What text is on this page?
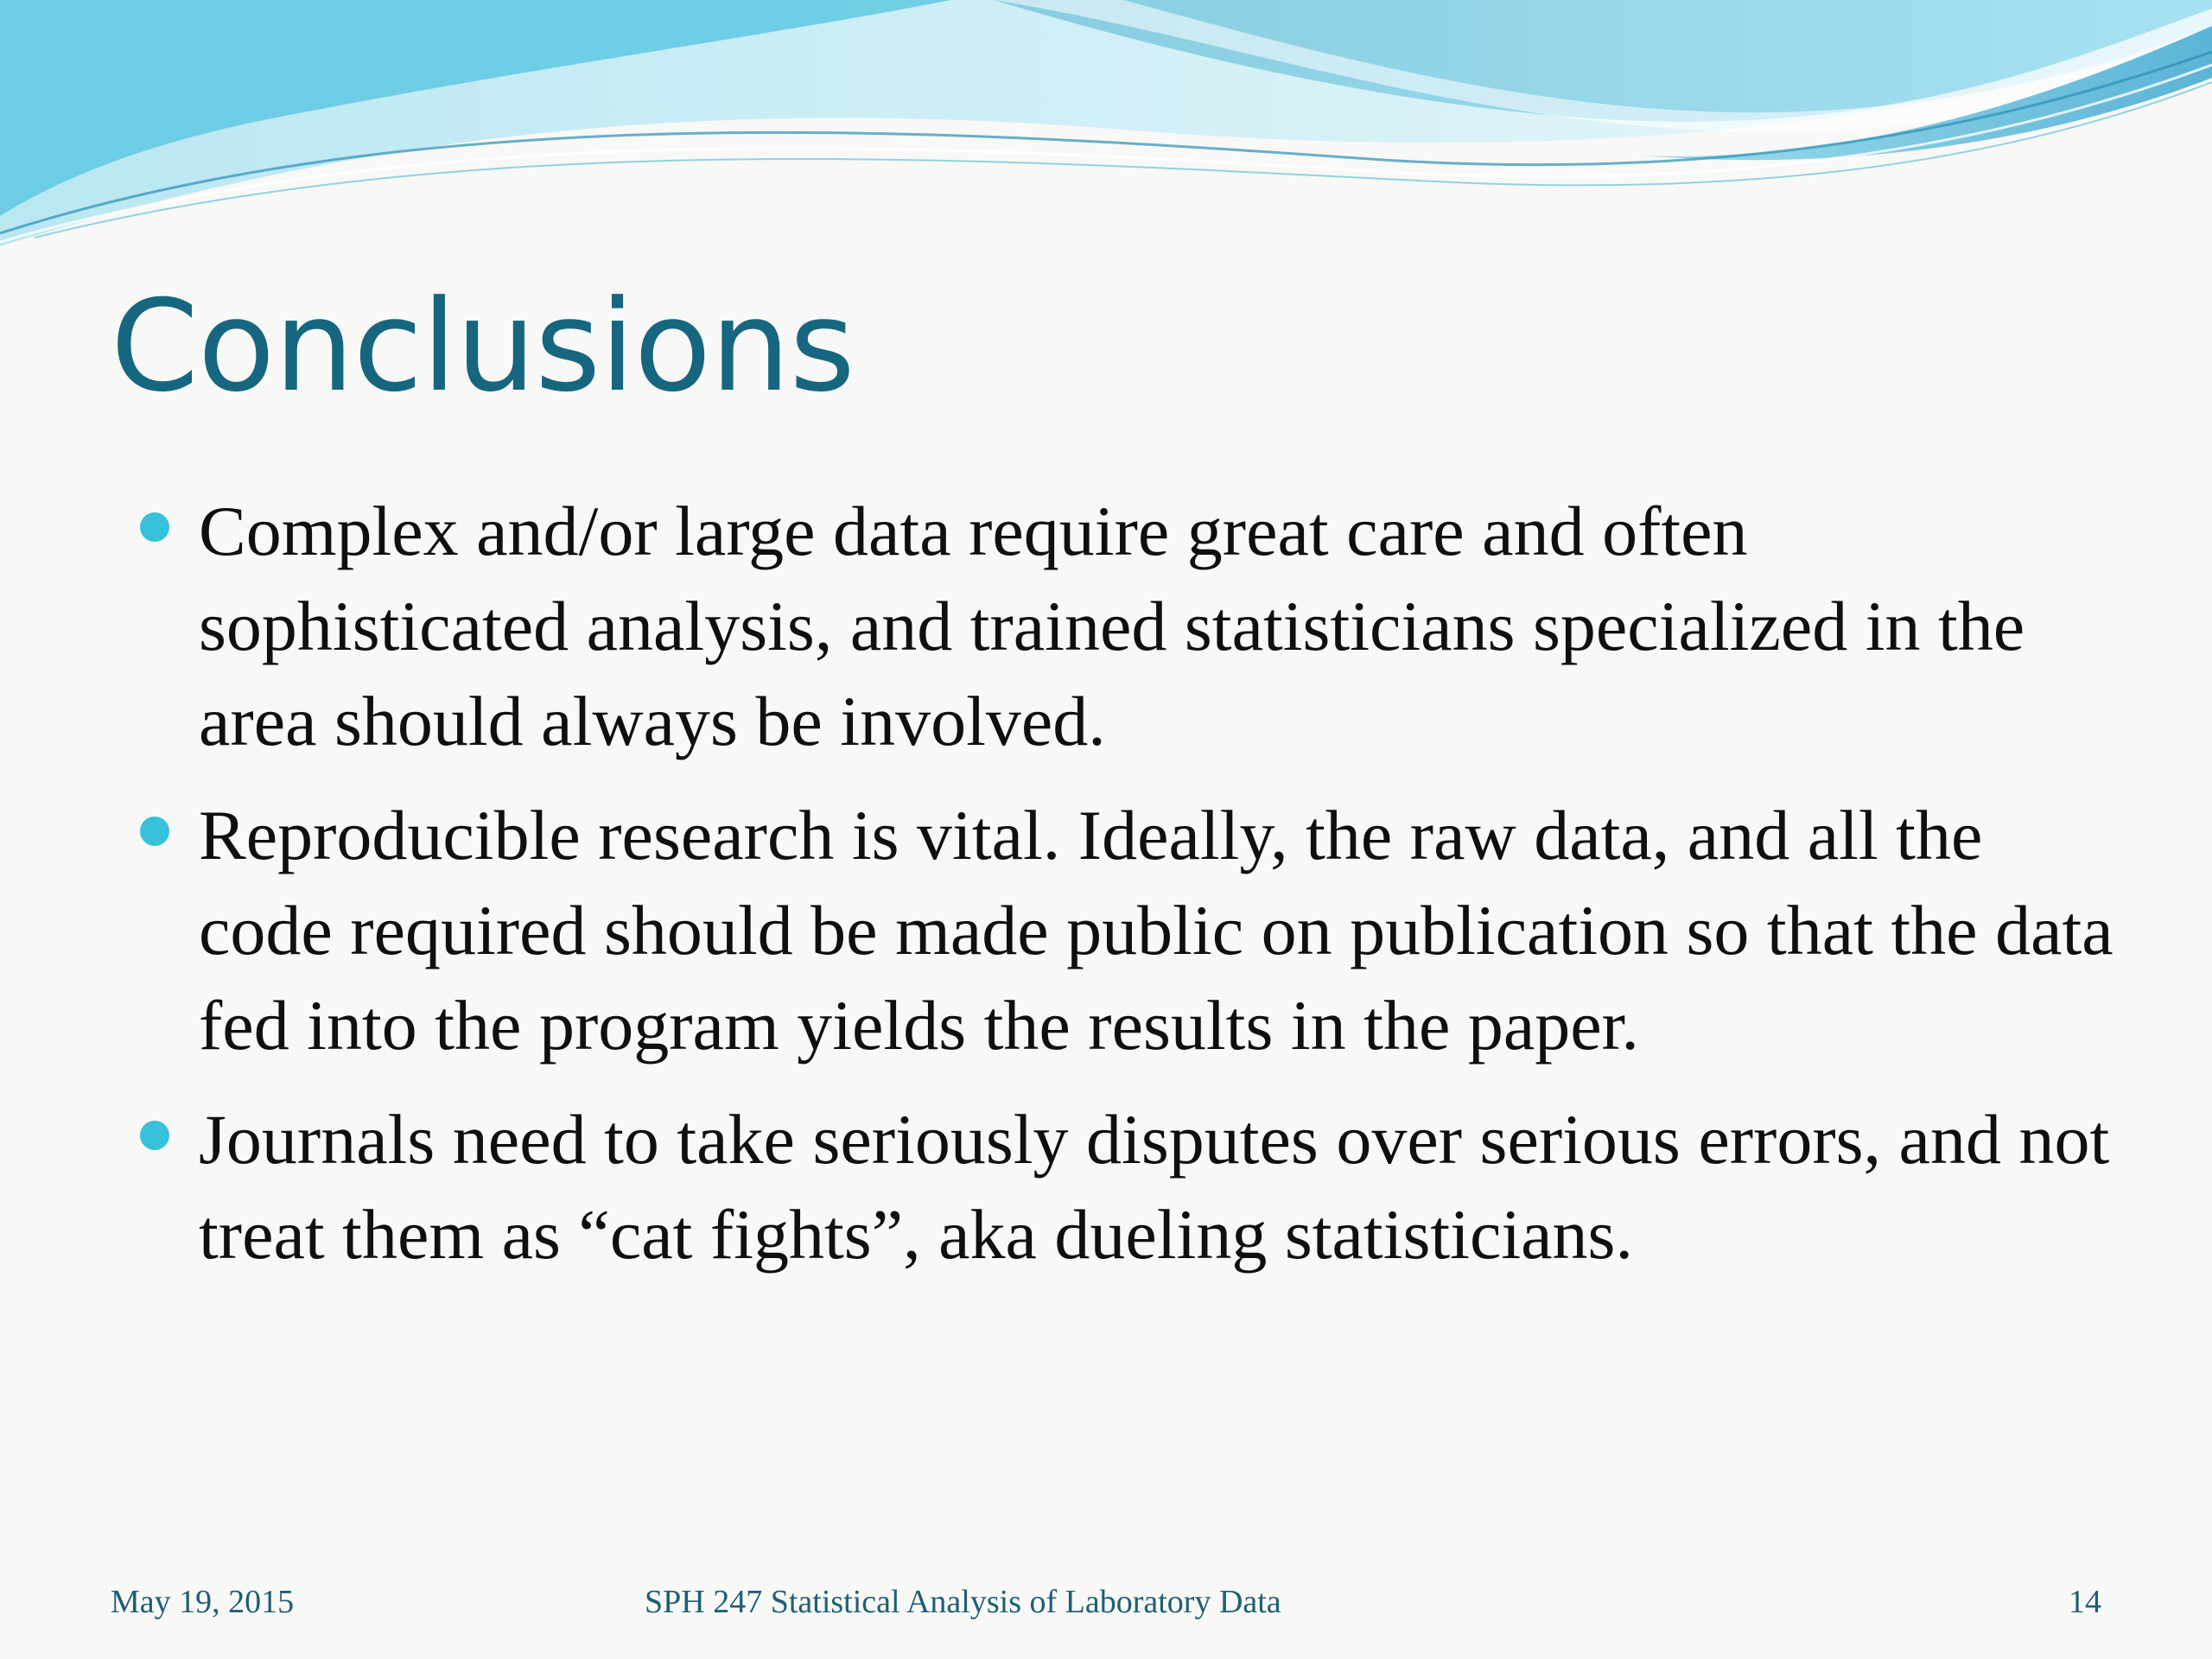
Conclusions
Complex and/or large data require great care and often sophisticated analysis, and trained statisticians specialized in the area should always be involved.
Reproducible research is vital. Ideally, the raw data, and all the code required should be made public on publication so that the data fed into the program yields the results in the paper.
Journals need to take seriously disputes over serious errors, and not treat them as “cat fights”, aka dueling statisticians.
May 19, 2015	SPH 247 Statistical Analysis of Laboratory Data	14
